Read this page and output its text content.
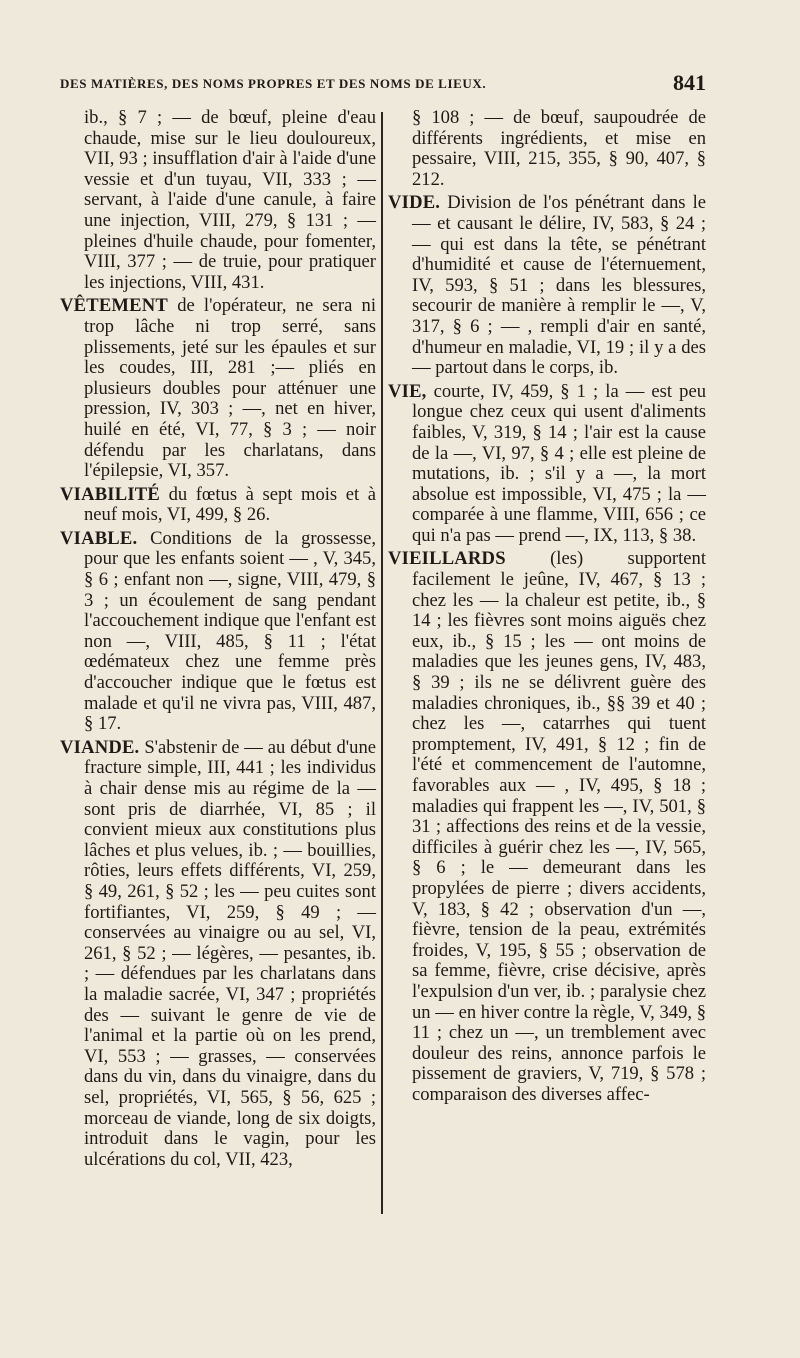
DES MATIÈRES, DES NOMS PROPRES ET DES NOMS DE LIEUX.	841

ib., § 7 ; — de bœuf, pleine d'eau chaude, mise sur le lieu douloureux, VII, 93 ; insufflation d'air à l'aide d'une vessie et d'un tuyau, VII, 333 ; — servant, à l'aide d'une canule, à faire une injection, VIII, 279, § 131 ; — pleines d'huile chaude, pour fomenter, VIII, 377 ; — de truie, pour pratiquer les injections, VIII, 431.

VÊTEMENT de l'opérateur, ne sera ni trop lâche ni trop serré, sans plissements, jeté sur les épaules et sur les coudes, III, 281 ;— pliés en plusieurs doubles pour atténuer une pression, IV, 303 ; —, net en hiver, huilé en été, VI, 77, § 3 ; — noir défendu par les charlatans, dans l'épilepsie, VI, 357.

VIABILITÉ du fœtus à sept mois et à neuf mois, VI, 499, § 26.

VIABLE. Conditions de la grossesse, pour que les enfants soient — , V, 345, § 6 ; enfant non —, signe, VIII, 479, § 3 ; un écoulement de sang pendant l'accouchement indique que l'enfant est non —, VIII, 485, § 11 ; l'état œdémateux chez une femme près d'accoucher indique que le fœtus est malade et qu'il ne vivra pas, VIII, 487, § 17.

VIANDE. S'abstenir de — au début d'une fracture simple, III, 441 ; les individus à chair dense mis au régime de la — sont pris de diarrhée, VI, 85 ; il convient mieux aux constitutions plus lâches et plus velues, ib. ; — bouillies, rôties, leurs effets différents, VI, 259, § 49, 261, § 52 ; les — peu cuites sont fortifiantes, VI, 259, § 49 ; — conservées au vinaigre ou au sel, VI, 261, § 52 ; — légères, — pesantes, ib. ; — défendues par les charlatans dans la maladie sacrée, VI, 347 ; propriétés des — suivant le genre de vie de l'animal et la partie où on les prend, VI, 553 ; — grasses, — conservées dans du vin, dans du vinaigre, dans du sel, propriétés, VI, 565, § 56, 625 ; morceau de viande, long de six doigts, introduit dans le vagin, pour les ulcérations du col, VII, 423,

§ 108 ; — de bœuf, saupoudrée de différents ingrédients, et mise en pessaire, VIII, 215, 355, § 90, 407, § 212.

VIDE. Division de l'os pénétrant dans le — et causant le délire, IV, 583, § 24 ; — qui est dans la tête, se pénétrant d'humidité et cause de l'éternuement, IV, 593, § 51 ; dans les blessures, secourir de manière à remplir le —, V, 317, § 6 ; — , rempli d'air en santé, d'humeur en maladie, VI, 19 ; il y a des — partout dans le corps, ib.

VIE, courte, IV, 459, § 1 ; la — est peu longue chez ceux qui usent d'aliments faibles, V, 319, § 14 ; l'air est la cause de la —, VI, 97, § 4 ; elle est pleine de mutations, ib. ; s'il y a —, la mort absolue est impossible, VI, 475 ; la — comparée à une flamme, VIII, 656 ; ce qui n'a pas — prend —, IX, 113, § 38.

VIEILLARDS (les) supportent facilement le jeûne, IV, 467, § 13 ; chez les — la chaleur est petite, ib., § 14 ; les fièvres sont moins aiguës chez eux, ib., § 15 ; les — ont moins de maladies que les jeunes gens, IV, 483, § 39 ; ils ne se délivrent guère des maladies chroniques, ib., §§ 39 et 40 ; chez les —, catarrhes qui tuent promptement, IV, 491, § 12 ; fin de l'été et commencement de l'automne, favorables aux — , IV, 495, § 18 ; maladies qui frappent les —, IV, 501, § 31 ; affections des reins et de la vessie, difficiles à guérir chez les —, IV, 565, § 6 ; le — demeurant dans les propylées de pierre ; divers accidents, V, 183, § 42 ; observation d'un —, fièvre, tension de la peau, extrémités froides, V, 195, § 55 ; observation de sa femme, fièvre, crise décisive, après l'expulsion d'un ver, ib. ; paralysie chez un — en hiver contre la règle, V, 349, § 11 ; chez un —, un tremblement avec douleur des reins, annonce parfois le pissement de graviers, V, 719, § 578 ; comparaison des diverses affec-
